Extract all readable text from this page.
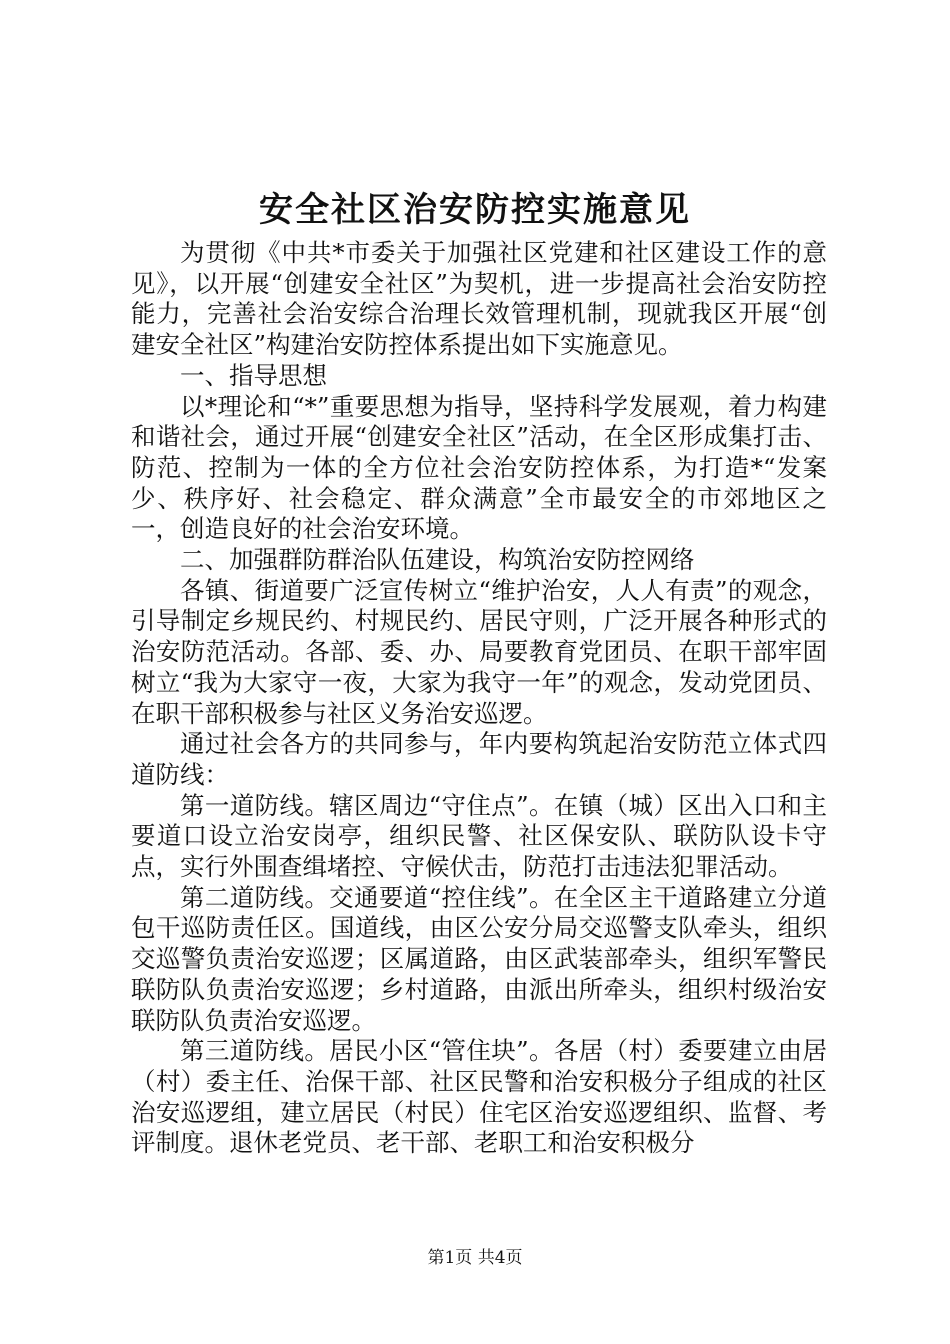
安全社区治安防控实施意见

为贯彻《中共*市委关于加强社区党建和社区建设工作的意见》，以开展“创建安全社区”为契机，进一步提高社会治安防控能力，完善社会治安综合治理长效管理机制，现就我区开展“创建安全社区”构建治安防控体系提出如下实施意见。

一、指导思想

以*理论和“*”重要思想为指导，坚持科学发展观，着力构建和谐社会，通过开展“创建安全社区”活动，在全区形成集打击、防范、控制为一体的全方位社会治安防控体系，为打造*“发案少、秩序好、社会稳定、群众满意”全市最安全的市郊地区之一，创造良好的社会治安环境。

二、加强群防群治队伍建设，构筑治安防控网络

各镇、街道要广泛宣传树立“维护治安，人人有责”的观念，引导制定乡规民约、村规民约、居民守则，广泛开展各种形式的治安防范活动。各部、委、办、局要教育党团员、在职干部牢固树立“我为大家守一夜，大家为我守一年”的观念，发动党团员、在职干部积极参与社区义务治安巡逻。

通过社会各方的共同参与，年内要构筑起治安防范立体式四道防线：

第一道防线。辖区周边“守住点”。在镇（城）区出入口和主要道口设立治安岗亭，组织民警、社区保安队、联防队设卡守点，实行外围查缉堵控、守候伏击，防范打击违法犯罪活动。

第二道防线。交通要道“控住线”。在全区主干道路建立分道包干巡防责任区。国道线，由区公安分局交巡警支队牵头，组织交巡警负责治安巡逻；区属道路，由区武装部牵头，组织军警民联防队负责治安巡逻；乡村道路，由派出所牵头，组织村级治安联防队负责治安巡逻。

第三道防线。居民小区“管住块”。各居（村）委要建立由居（村）委主任、治保干部、社区民警和治安积极分子组成的社区治安巡逻组，建立居民（村民）住宅区治安巡逻组织、监督、考评制度。退休老党员、老干部、老职工和治安积极分

第1页 共4页
